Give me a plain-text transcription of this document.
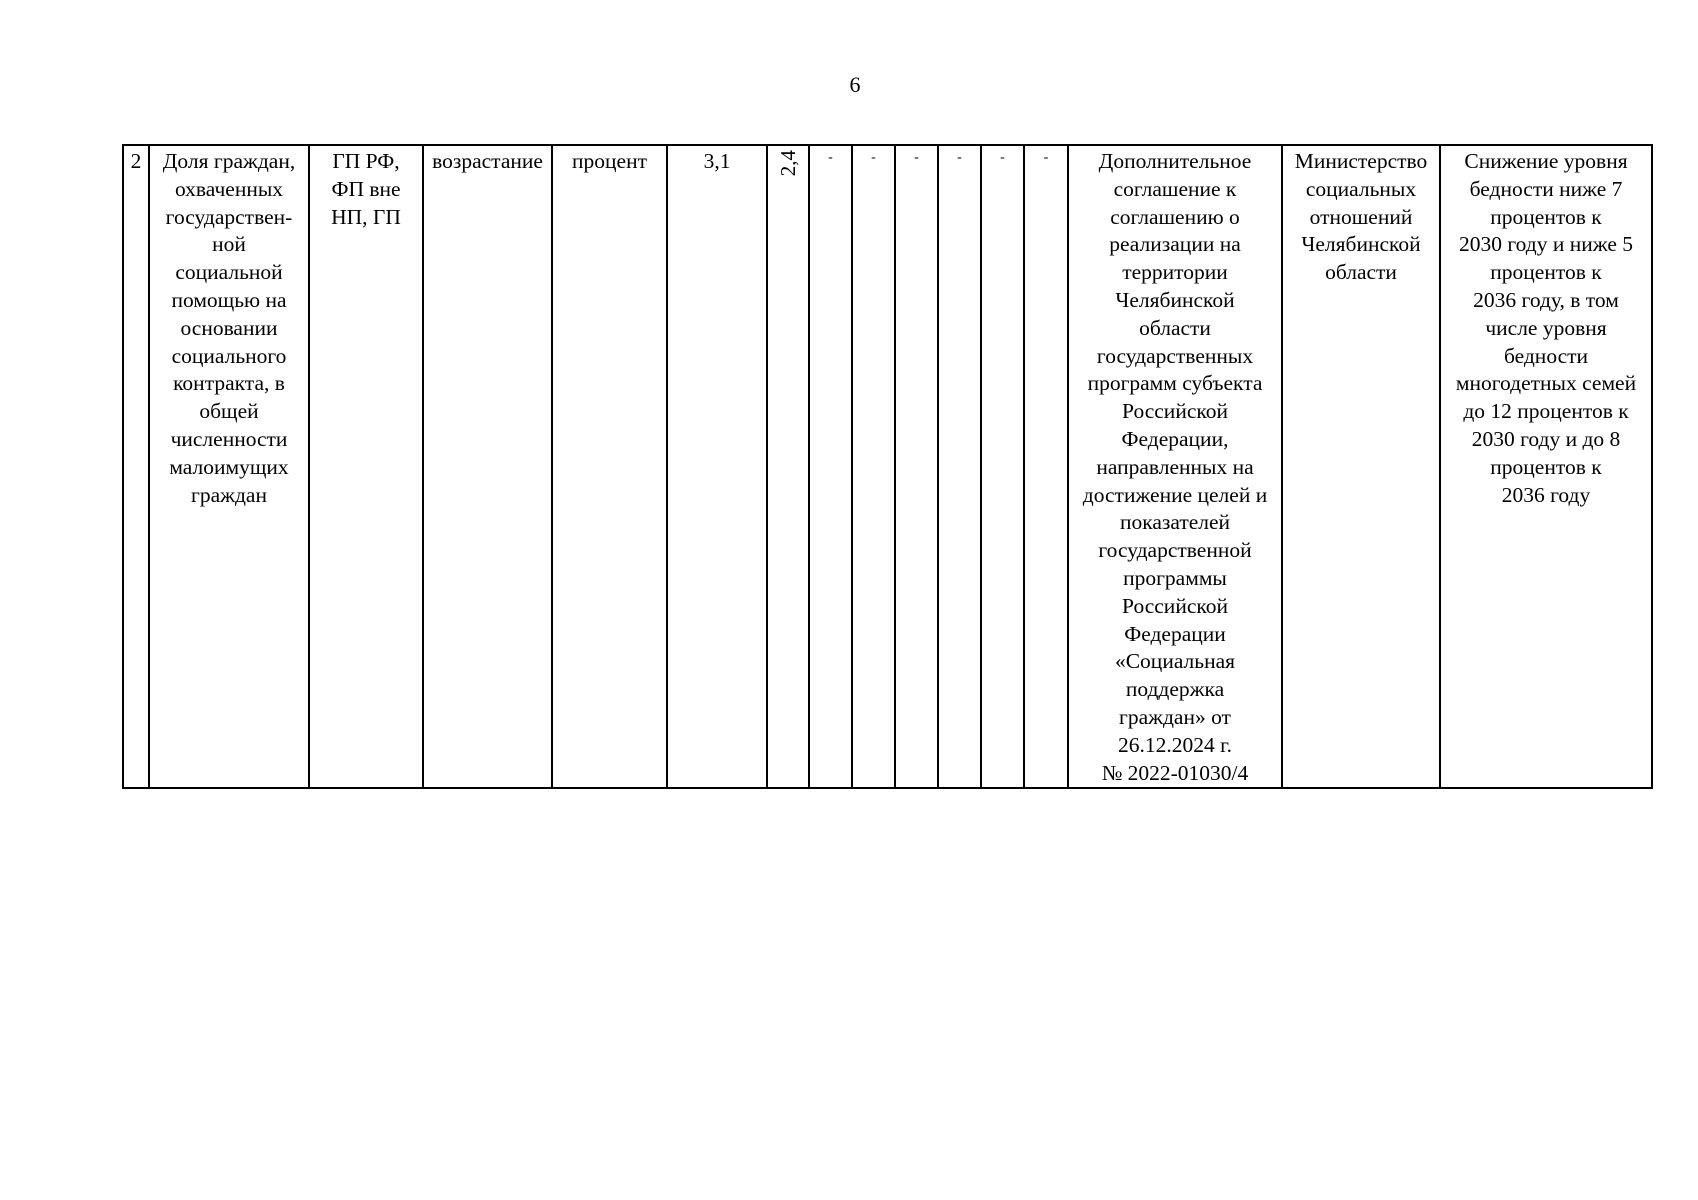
6
2	Доля граждан,
охваченных
государствен-
ной
социальной
помощью на
основании
социального
контракта, в
общей
численности
малоимущих
граждан	ГП РФ,
ФП вне
НП, ГП	возрастание	процент	3,1	2,4	-	-	-	-	-	-	Дополнительное
соглашение к
соглашению о
реализации на
территории
Челябинской
области
государственных
программ субъекта
Российской
Федерации,
направленных на
достижение целей и
показателей
государственной
программы
Российской
Федерации
«Социальная
поддержка
граждан» от
26.12.2024 г.
№ 2022-01030/4	Министерство
социальных
отношений
Челябинской
области	Снижение уровня
бедности ниже 7
процентов к
2030 году и ниже 5
процентов к
2036 году, в том
числе уровня
бедности
многодетных семей
до 12 процентов к
2030 году и до 8
процентов к
2036 году
